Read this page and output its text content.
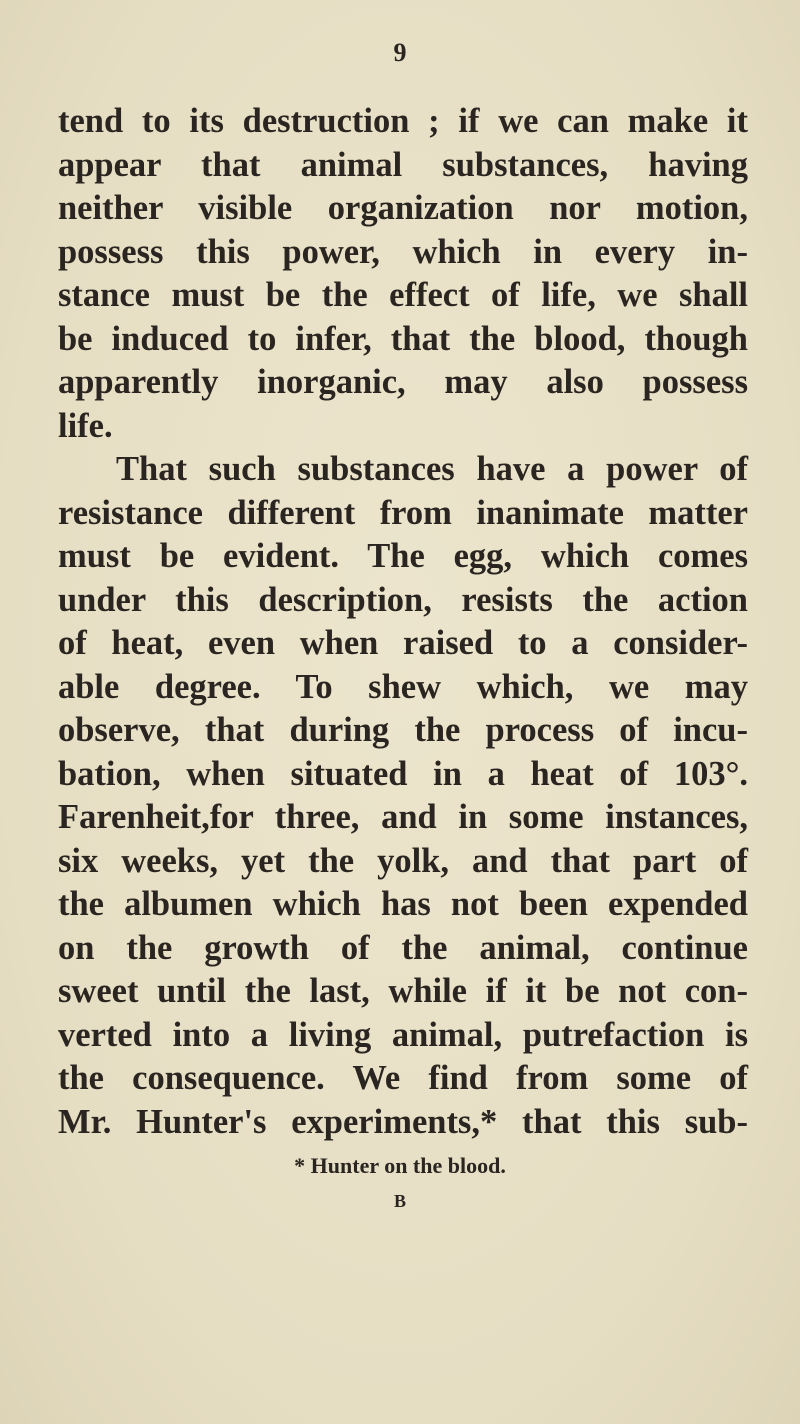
9
tend to its destruction ; if we can make it
appear that animal substances, having
neither visible organization nor motion,
possess this power, which in every in-
stance must be the effect of life, we shall
be induced to infer, that the blood, though
apparently inorganic, may also possess
life.
That such substances have a power of
resistance different from inanimate matter
must be evident. The egg, which comes
under this description, resists the action
of heat, even when raised to a consider-
able degree. To shew which, we may
observe, that during the process of incu-
bation, when situated in a heat of 103°.
Farenheit,for three, and in some instances,
six weeks, yet the yolk, and that part of
the albumen which has not been expended
on the growth of the animal, continue
sweet until the last, while if it be not con-
verted into a living animal, putrefaction is
the consequence. We find from some of
Mr. Hunter's experiments,* that this sub-
* Hunter on the blood.
B
